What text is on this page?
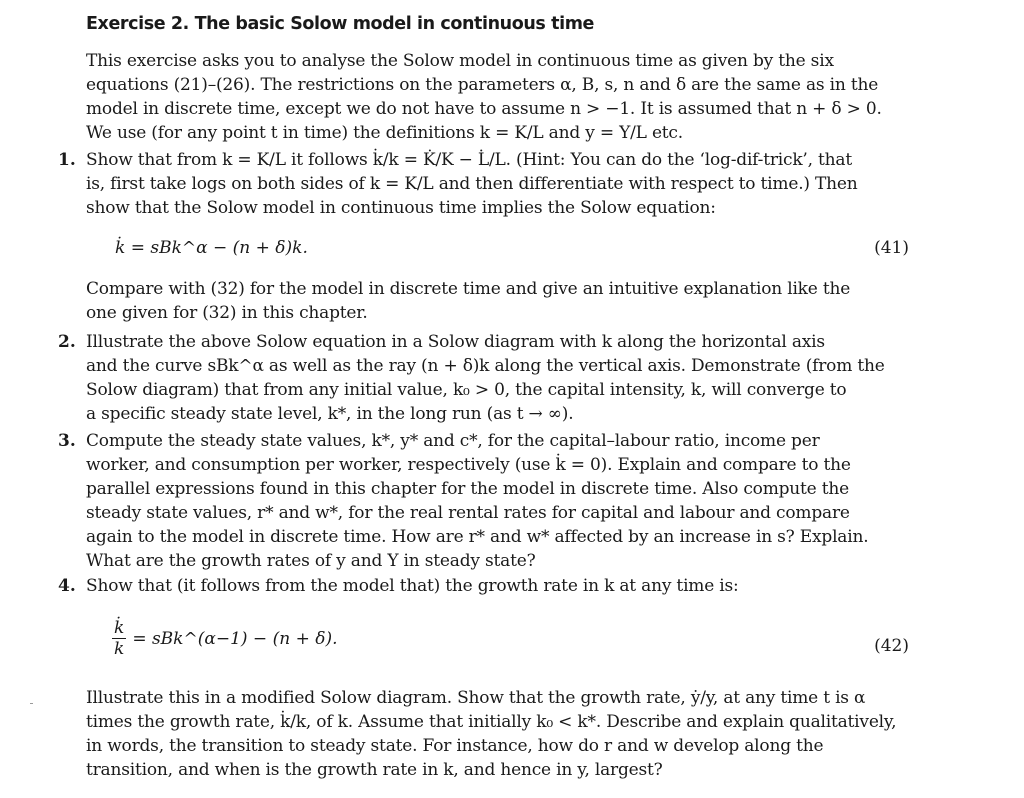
Exercise 2. The basic Solow model in continuous time
This exercise asks you to analyse the Solow model in continuous time as given by the six
equations (21)–(26). The restrictions on the parameters α, B, s, n and δ are the same as in the
model in discrete time, except we do not have to assume n > −1. It is assumed that n + δ > 0.
We use (for any point t in time) the definitions k = K/L and y = Y/L etc.
1. Show that from k = K/L it follows k̇/k = K̇/K − L̇/L. (Hint: You can do the ‘log-dif-trick’, that
is, first take logs on both sides of k = K/L and then differentiate with respect to time.) Then
show that the Solow model in continuous time implies the Solow equation:
k̇ = sBk^α − (n + δ)k.	(41)
Compare with (32) for the model in discrete time and give an intuitive explanation like the
one given for (32) in this chapter.
2. Illustrate the above Solow equation in a Solow diagram with k along the horizontal axis
and the curve sBk^α as well as the ray (n + δ)k along the vertical axis. Demonstrate (from the
Solow diagram) that from any initial value, k₀ > 0, the capital intensity, k, will converge to
a specific steady state level, k*, in the long run (as t → ∞).
3. Compute the steady state values, k*, y* and c*, for the capital–labour ratio, income per
worker, and consumption per worker, respectively (use k̇ = 0). Explain and compare to the
parallel expressions found in this chapter for the model in discrete time. Also compute the
steady state values, r* and w*, for the real rental rates for capital and labour and compare
again to the model in discrete time. How are r* and w* affected by an increase in s? Explain.
What are the growth rates of y and Y in steady state?
4. Show that (it follows from the model that) the growth rate in k at any time is:
$\frac{k̇}{k}$ = sBk^(α−1) − (n + δ).	(42)
Illustrate this in a modified Solow diagram. Show that the growth rate, ẏ/y, at any time t is α
times the growth rate, k̇/k, of k. Assume that initially k₀ < k*. Describe and explain qualitatively,
in words, the transition to steady state. For instance, how do r and w develop along the
transition, and when is the growth rate in k, and hence in y, largest?
